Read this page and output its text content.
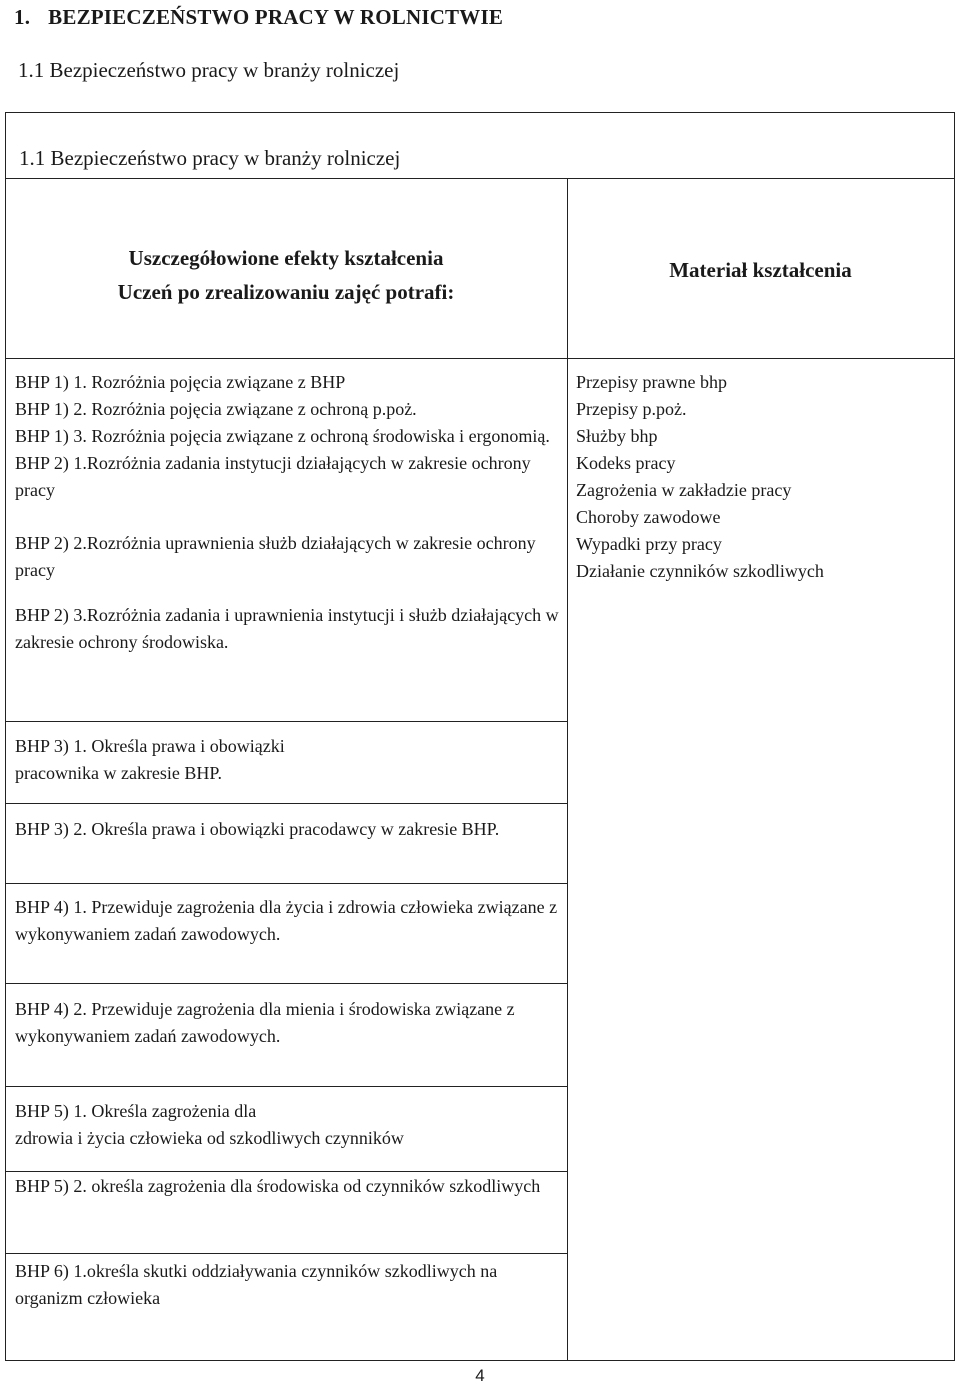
1. BEZPIECZEŃSTWO PRACY W ROLNICTWIE
1.1 Bezpieczeństwo pracy w branży rolniczej
1.1 Bezpieczeństwo pracy w branży rolniczej
Uszczegółowione efekty kształcenia
Uczeń po zrealizowaniu zajęć potrafi:
Materiał kształcenia

BHP 1) 1. Rozróżnia pojęcia związane z BHP

BHP 1) 2. Rozróżnia pojęcia związane z ochroną p.poż.

BHP 1) 3. Rozróżnia pojęcia związane z ochroną środowiska i ergonomią.

BHP 2) 1.Rozróżnia zadania instytucji działających w zakresie ochrony pracy

BHP 2) 2.Rozróżnia uprawnienia służb działających w zakresie ochrony pracy

BHP 2) 3.Rozróżnia zadania i uprawnienia instytucji i służb działających w zakresie ochrony środowiska.

BHP 3) 1. Określa prawa i obowiązki

pracownika w zakresie BHP.

BHP 3) 2. Określa prawa i obowiązki pracodawcy w zakresie BHP.

BHP 4) 1. Przewiduje zagrożenia dla życia i zdrowia człowieka związane z wykonywaniem zadań zawodowych.

BHP 4) 2. Przewiduje zagrożenia dla mienia i środowiska związane z wykonywaniem zadań zawodowych.

BHP 5) 1. Określa zagrożenia dla

zdrowia i życia człowieka od szkodliwych czynników

BHP 5) 2. określa zagrożenia dla środowiska od czynników szkodliwych

BHP 6) 1.określa skutki oddziaływania czynników szkodliwych na organizm człowieka

Przepisy prawne bhp

Przepisy p.poż.

Służby bhp

Kodeks pracy

Zagrożenia w zakładzie pracy

Choroby zawodowe

Wypadki przy pracy

Działanie czynników szkodliwych

4
